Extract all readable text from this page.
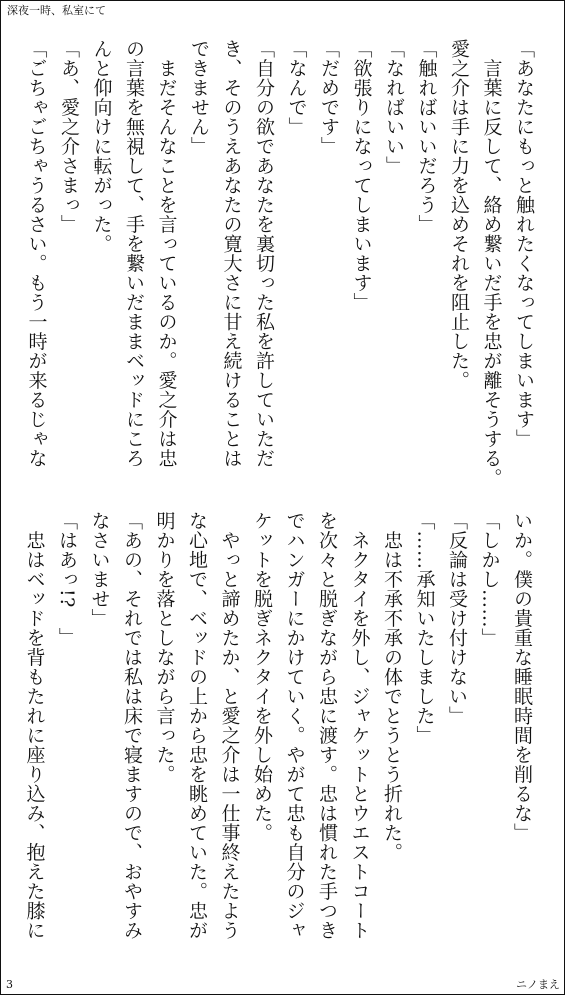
深夜一時、私室にて
「あなたにもっと触れたくなってしまいます」
　言葉に反して、絡め繋いだ手を忠が離そうする。
愛之介は手に力を込めそれを阻止した。
「触ればいいだろう」
「なればいい」
「欲張りになってしまいます」
「だめです」
「なんで」
「自分の欲であなたを裏切った私を許していただ
き、そのうえあなたの寛大さに甘え続けることは
できません」
　まだそんなことを言っているのか。愛之介は忠
の言葉を無視して、手を繋いだままベッドにころ
んと仰向けに転がった。
「あ、愛之介さまっ」
「ごちゃごちゃうるさい。もう一時が来るじゃな
いか。僕の貴重な睡眠時間を削るな」
「しかし……」
「反論は受け付けない」
「……承知いたしました」
　忠は不承不承の体でとうとう折れた。
　ネクタイを外し、ジャケットとウエストコート
を次々と脱ぎながら忠に渡す。忠は慣れた手つき
でハンガーにかけていく。やがて忠も自分のジャ
ケットを脱ぎネクタイを外し始めた。
　やっと諦めたか、と愛之介は一仕事終えたよう
な心地で、ベッドの上から忠を眺めていた。忠が
明かりを落としながら言った。
「あの、それでは私は床で寝ますので、おやすみ
なさいませ」
「はあっ!?　」
　忠はベッドを背もたれに座り込み、抱えた膝に
3	ニノまえ
